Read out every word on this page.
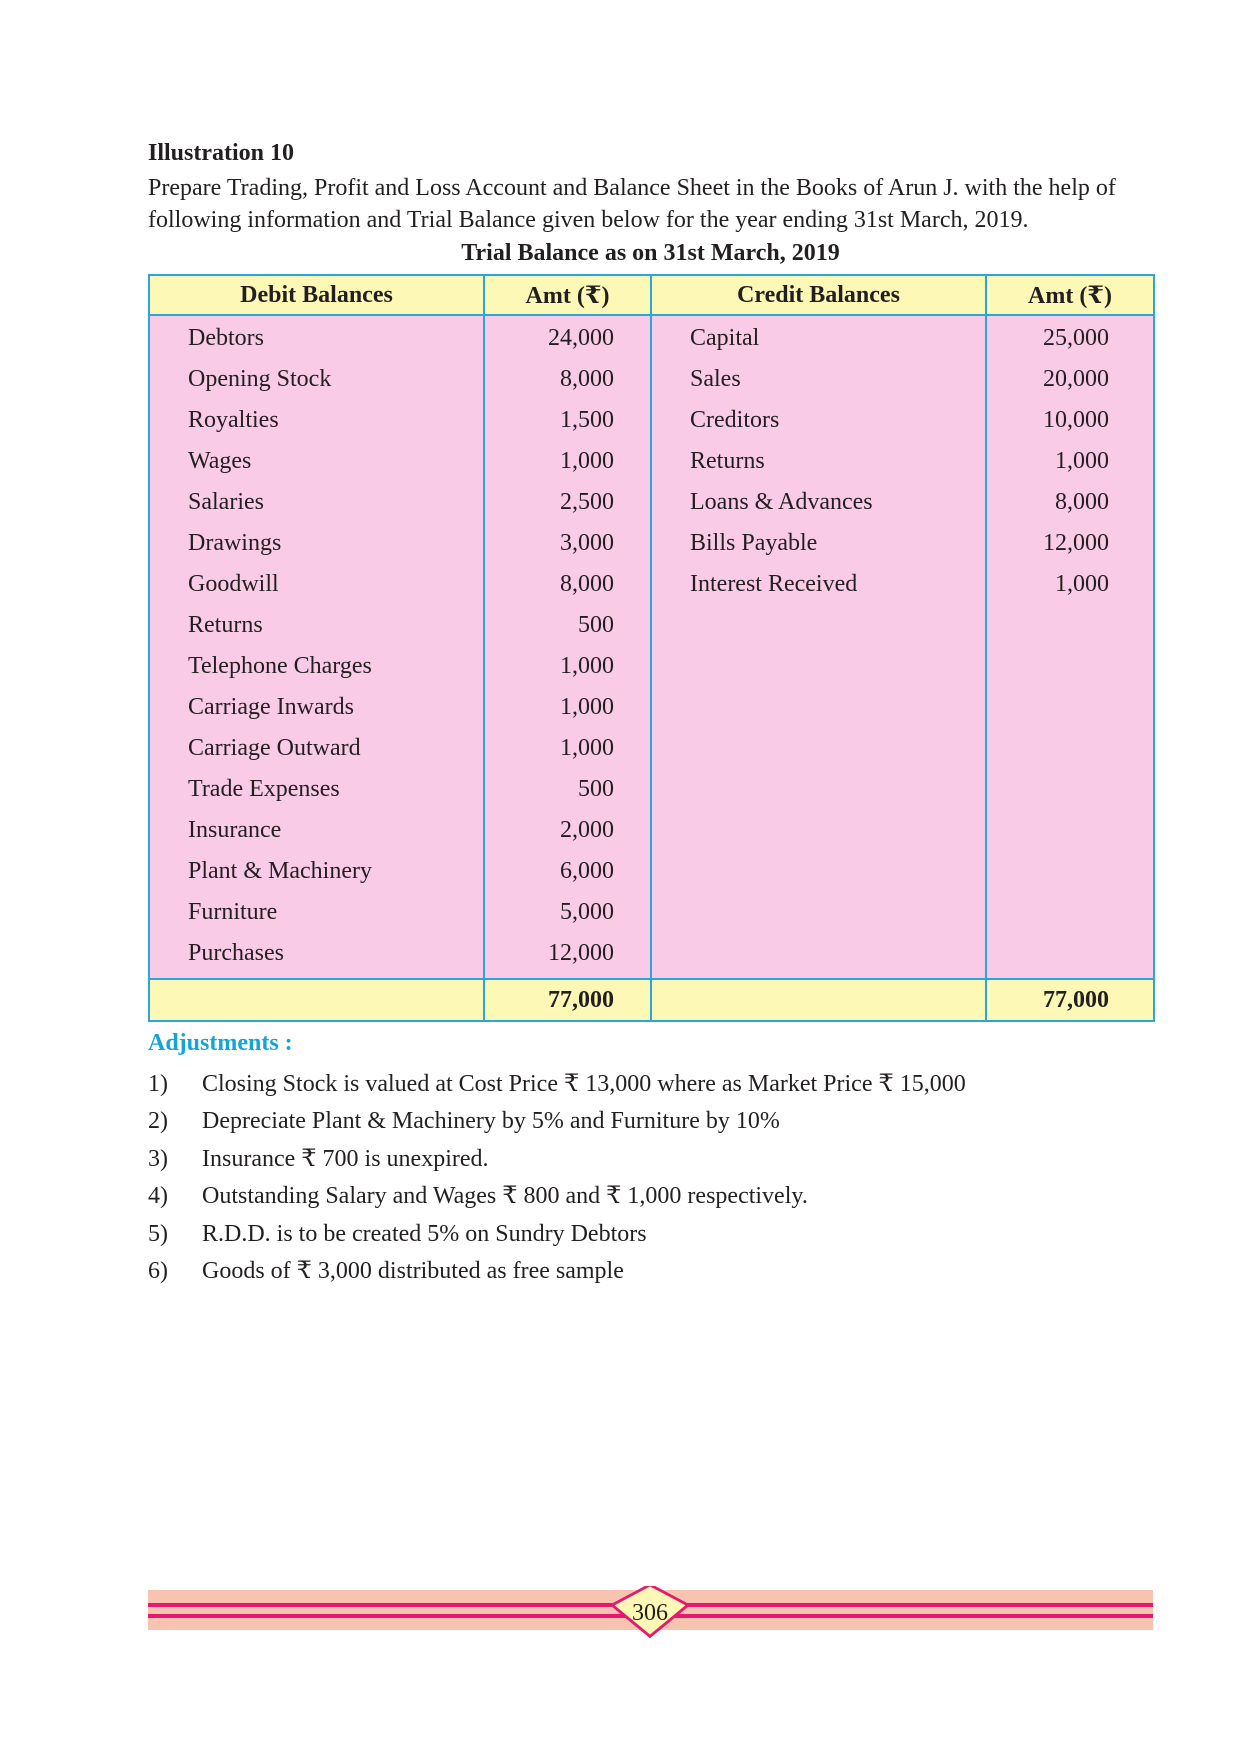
Illustration 10

Prepare Trading, Profit and Loss Account and Balance Sheet in the Books of Arun J. with the help of following information and Trial Balance given below for the year ending 31st March, 2019.

Trial Balance as on 31st March, 2019
Debit Balances	Amt (₹)	Credit Balances	Amt (₹)
Debtors	24,000	Capital	25,000
Opening Stock	8,000	Sales	20,000
Royalties	1,500	Creditors	10,000
Wages	1,000	Returns	1,000
Salaries	2,500	Loans & Advances	8,000
Drawings	3,000	Bills Payable	12,000
Goodwill	8,000	Interest Received	1,000
Returns	500		
Telephone Charges	1,000		
Carriage Inwards	1,000		
Carriage Outward	1,000		
Trade Expenses	500		
Insurance	2,000		
Plant & Machinery	6,000		
Furniture	5,000		
Purchases	12,000		
	77,000		77,000
Adjustments :
1) Closing Stock is valued at Cost Price ₹ 13,000 where as Market Price ₹ 15,000
2) Depreciate Plant & Machinery by 5% and Furniture by 10%
3) Insurance ₹ 700 is unexpired.
4) Outstanding Salary and Wages ₹ 800 and ₹ 1,000 respectively.
5) R.D.D. is to be created 5% on Sundry Debtors
6) Goods of ₹ 3,000 distributed as free sample
306
